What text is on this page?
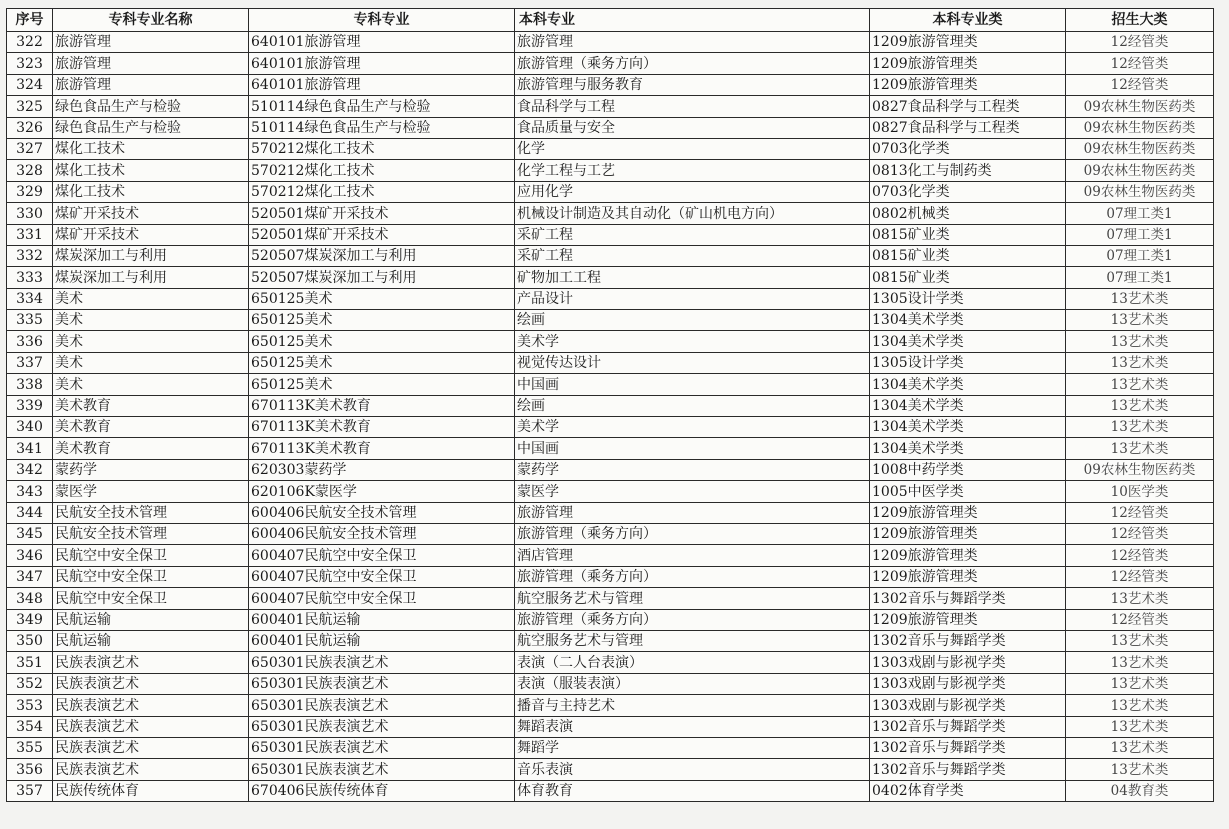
序号	专科专业名称	专科专业	本科专业	本科专业类	招生大类
322	旅游管理	640101旅游管理	旅游管理	1209旅游管理类	12经管类
323	旅游管理	640101旅游管理	旅游管理（乘务方向）	1209旅游管理类	12经管类
324	旅游管理	640101旅游管理	旅游管理与服务教育	1209旅游管理类	12经管类
325	绿色食品生产与检验	510114绿色食品生产与检验	食品科学与工程	0827食品科学与工程类	09农林生物医药类
326	绿色食品生产与检验	510114绿色食品生产与检验	食品质量与安全	0827食品科学与工程类	09农林生物医药类
327	煤化工技术	570212煤化工技术	化学	0703化学类	09农林生物医药类
328	煤化工技术	570212煤化工技术	化学工程与工艺	0813化工与制药类	09农林生物医药类
329	煤化工技术	570212煤化工技术	应用化学	0703化学类	09农林生物医药类
330	煤矿开采技术	520501煤矿开采技术	机械设计制造及其自动化（矿山机电方向）	0802机械类	07理工类1
331	煤矿开采技术	520501煤矿开采技术	采矿工程	0815矿业类	07理工类1
332	煤炭深加工与利用	520507煤炭深加工与利用	采矿工程	0815矿业类	07理工类1
333	煤炭深加工与利用	520507煤炭深加工与利用	矿物加工工程	0815矿业类	07理工类1
334	美术	650125美术	产品设计	1305设计学类	13艺术类
335	美术	650125美术	绘画	1304美术学类	13艺术类
336	美术	650125美术	美术学	1304美术学类	13艺术类
337	美术	650125美术	视觉传达设计	1305设计学类	13艺术类
338	美术	650125美术	中国画	1304美术学类	13艺术类
339	美术教育	670113K美术教育	绘画	1304美术学类	13艺术类
340	美术教育	670113K美术教育	美术学	1304美术学类	13艺术类
341	美术教育	670113K美术教育	中国画	1304美术学类	13艺术类
342	蒙药学	620303蒙药学	蒙药学	1008中药学类	09农林生物医药类
343	蒙医学	620106K蒙医学	蒙医学	1005中医学类	10医学类
344	民航安全技术管理	600406民航安全技术管理	旅游管理	1209旅游管理类	12经管类
345	民航安全技术管理	600406民航安全技术管理	旅游管理（乘务方向）	1209旅游管理类	12经管类
346	民航空中安全保卫	600407民航空中安全保卫	酒店管理	1209旅游管理类	12经管类
347	民航空中安全保卫	600407民航空中安全保卫	旅游管理（乘务方向）	1209旅游管理类	12经管类
348	民航空中安全保卫	600407民航空中安全保卫	航空服务艺术与管理	1302音乐与舞蹈学类	13艺术类
349	民航运输	600401民航运输	旅游管理（乘务方向）	1209旅游管理类	12经管类
350	民航运输	600401民航运输	航空服务艺术与管理	1302音乐与舞蹈学类	13艺术类
351	民族表演艺术	650301民族表演艺术	表演（二人台表演）	1303戏剧与影视学类	13艺术类
352	民族表演艺术	650301民族表演艺术	表演（服装表演）	1303戏剧与影视学类	13艺术类
353	民族表演艺术	650301民族表演艺术	播音与主持艺术	1303戏剧与影视学类	13艺术类
354	民族表演艺术	650301民族表演艺术	舞蹈表演	1302音乐与舞蹈学类	13艺术类
355	民族表演艺术	650301民族表演艺术	舞蹈学	1302音乐与舞蹈学类	13艺术类
356	民族表演艺术	650301民族表演艺术	音乐表演	1302音乐与舞蹈学类	13艺术类
357	民族传统体育	670406民族传统体育	体育教育	0402体育学类	04教育类
